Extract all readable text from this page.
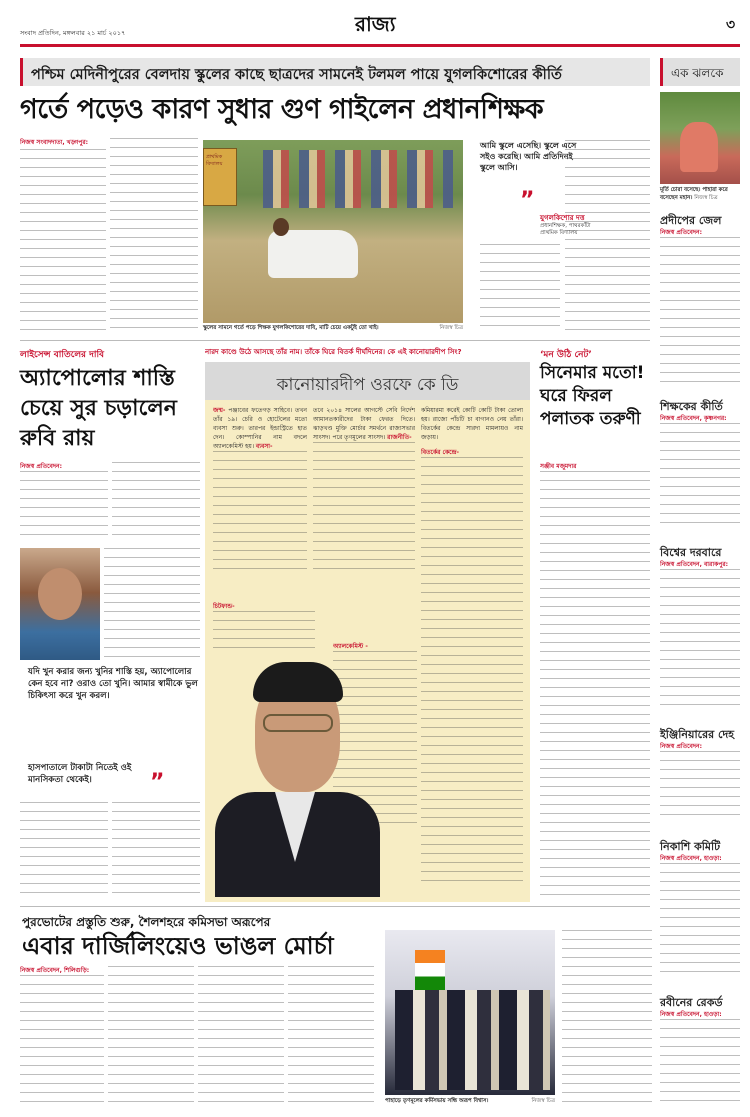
সংবাদ প্রতিদিন, মঙ্গলবার ২১ মার্চ ২০১৭	রাজ্য	৩
পশ্চিম মেদিনীপুরের বেলদায় স্কুলের কাছে ছাত্রদের সামনেই টলমল পায়ে যুগলকিশোরের কীর্তি
গর্তে পড়েও কারণ সুধার গুণ গাইলেন প্রধানশিক্ষক
নিজস্ব সংবাদদাতা, খড়্গপুর:
প্রাথমিক বিদ্যালয়
স্কুলের সামনে গর্তে পড়ে শিক্ষক যুগলকিশোরের দাবি, মাটি চেয়ে একটুই তো খাই।	নিজস্ব চিত্র
আমি স্কুলে এসেছি। স্কুলে এসে সইও করেছি। আমি প্রতিদিনই স্কুলে আসি।
”
যুগলকিশোর দত্ত
প্রধানশিক্ষক, পাথরকাঁটা প্রাথমিক বিদ্যালয়
লাইসেন্স বাতিলের দাবি
অ্যাপোলোর শাস্তি চেয়ে সুর চড়ালেন রুবি রায়
নিজস্ব প্রতিবেদন:
যদি খুন করার জন্য খুনির শাস্তি হয়, অ্যাপোলোর কেন হবে না? ওরাও তো খুনি। আমার স্বামীকে ভুল চিকিৎসা করে খুন করল।
হাসপাতালে টাকাটা নিতেই ওই মানসিকতা থেকেই।	”
নারদ কাণ্ডে উঠে আসছে তাঁর নাম। তাঁকে ঘিরে বিতর্ক দীর্ঘদিনের। কে এই কানোয়ারদীপ সিং?
কানোয়ারদীপ ওরফে কে ডি
জন্ম- পঞ্জাবের ফতেগড় সাহিবে। তখন তাঁর ১৯। চেরি ও হোটেলের মতো ব্যবসা শুরু। তারপর ইন্ডাস্ট্রিতে হাত দেন। কোম্পানির নাম বদলে অ্যালকেমিস্ট হয়। ব্যবসা-
তবে ২০১৪ সালের আগস্টে সেবি নির্দেশ আমানতকারীদের টাকা ফেরত দিতে। ঝাড়খণ্ড মুক্তি মোর্চার সমর্থনে রাজ্যসভার সাংসদ। পরে তৃণমূলের সাংসদ। রাজনীতি-
কমিয়ারমা করেই কোটি কোটি টাকা তোলা হয়। রাজ্যে পাঁচটি চা বাগানও নেয় তাঁরা। বিতর্কের কেন্দ্রে সারদা মামলায়ও নাম জড়ায়।
বিতর্কের কেন্দ্রে-
চিটফান্ড-
অ্যালকেমিস্ট -
‘মন উঠি নেট’
সিনেমার মতো! ঘরে ফিরল পলাতক তরুণী
সঞ্জীব মজুমদার
পুরভোটের প্রস্তুতি শুরু, শৈলশহরে কমিসভা অরূপের
এবার দার্জিলিংয়েও ভাঙল মোর্চা
নিজস্ব প্রতিবেদন, শিলিগুড়ি:
পাহাড়ে তৃণমূলের কর্মিসভায় সন্ধি অরূপ বিশ্বাস।	নিজস্ব চিত্র
এক ঝলকে
মূর্তি চোরা বসেছে। পাহারা করে বসেছেন মহান। নিজস্ব চিত্র
প্রদীপের জেল
নিজস্ব প্রতিবেদন:
শিক্ষকের কীর্তি
নিজস্ব প্রতিবেদন, কৃষ্ণনগর:
বিশ্বের দরবারে
নিজস্ব প্রতিবেদন, বারাকপুর:
ইঞ্জিনিয়ারের দেহ
নিজস্ব প্রতিবেদন:
নিকাশি কমিটি
নিজস্ব প্রতিবেদন, হাওড়া:
রবীনের রেকর্ড
নিজস্ব প্রতিবেদন, হাওড়া:
